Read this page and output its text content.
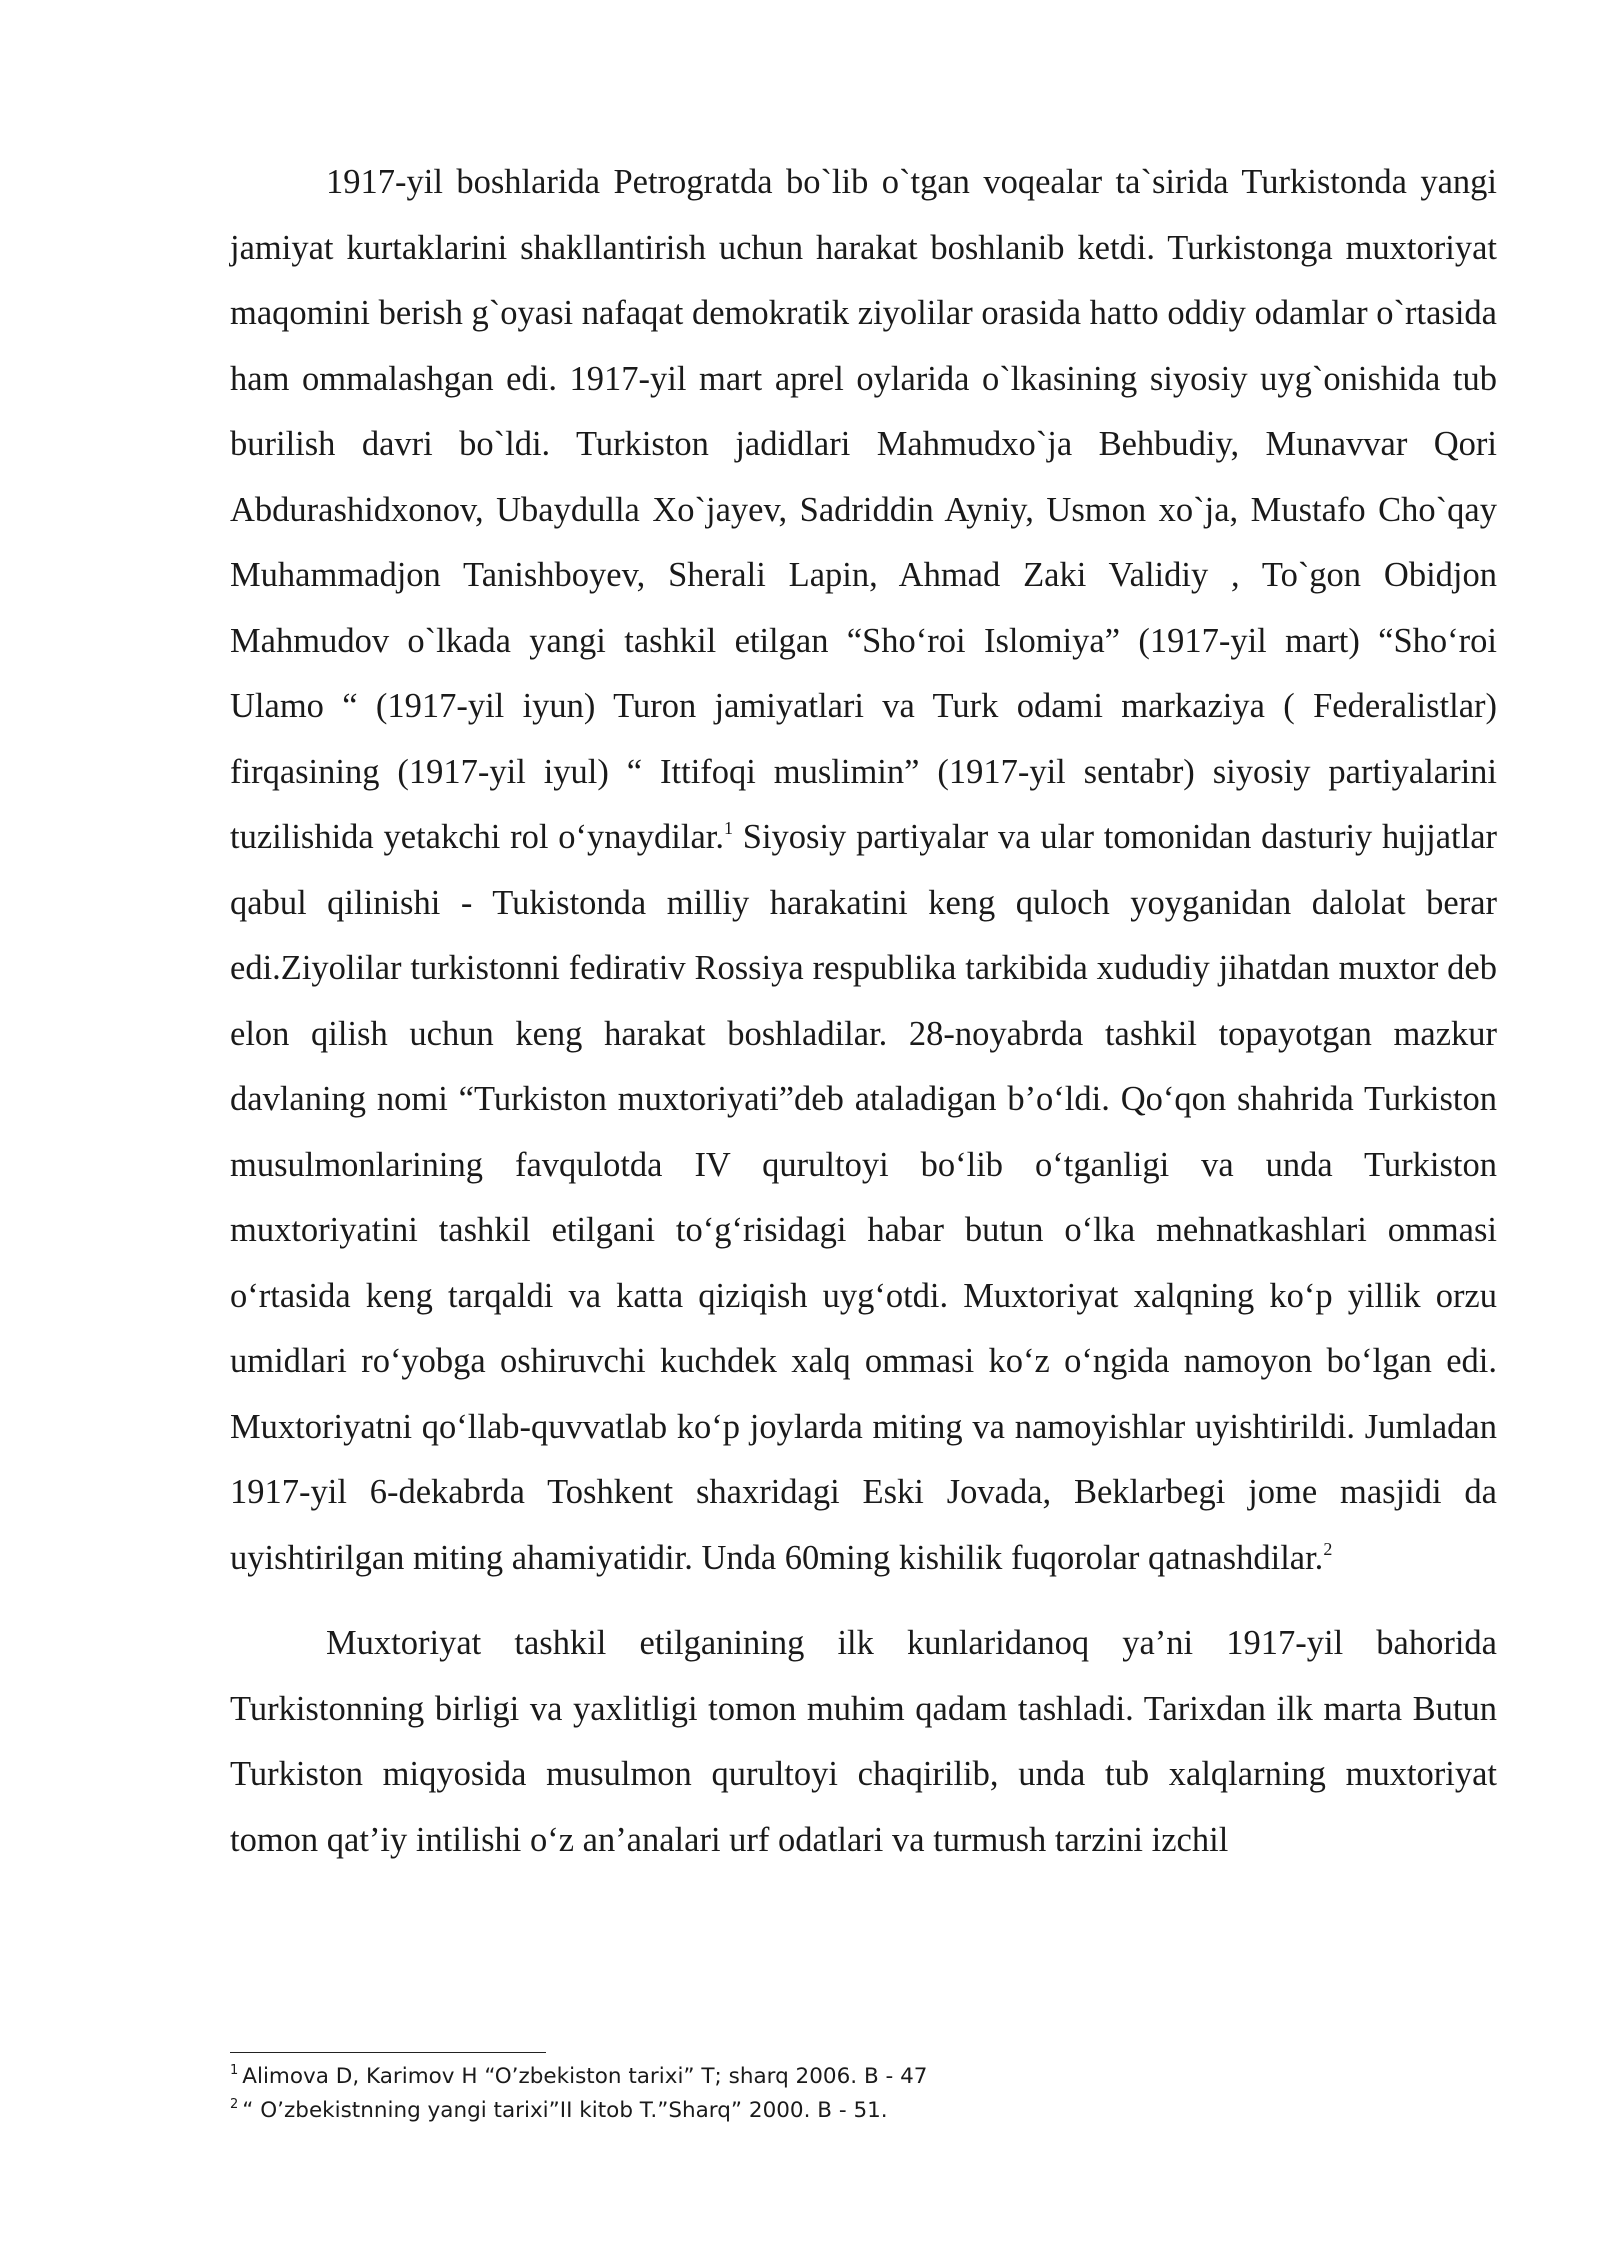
1917-yil boshlarida Petrogratda bo`lib o`tgan voqealar ta`sirida Turkistonda yangi jamiyat kurtaklarini shakllantirish uchun harakat boshlanib ketdi. Turkistonga muxtoriyat maqomini berish g`oyasi nafaqat demokratik ziyolilar orasida hatto oddiy odamlar o`rtasida ham ommalashgan edi. 1917-yil mart aprel oylarida o`lkasining siyosiy uyg`onishida tub burilish davri bo`ldi. Turkiston jadidlari Mahmudxo`ja Behbudiy, Munavvar Qori Abdurashidxonov, Ubaydulla Xo`jayev, Sadriddin Ayniy, Usmon xo`ja, Mustafo Cho`qay Muhammadjon Tanishboyev, Sherali Lapin, Ahmad Zaki Validiy , To`gon Obidjon Mahmudov o`lkada yangi tashkil etilgan “Sho‘roi Islomiya” (1917-yil mart) “Sho‘roi Ulamo “ (1917-yil iyun) Turon jamiyatlari va Turk odami markaziya ( Federalistlar) firqasining (1917-yil iyul) “ Ittifoqi muslimin” (1917-yil sentabr) siyosiy partiyalarini tuzilishida yetakchi rol o‘ynaydilar.$^1$ Siyosiy partiyalar va ular tomonidan dasturiy hujjatlar qabul qilinishi - Tukistonda milliy harakatini keng quloch yoyganidan dalolat berar edi.Ziyolilar turkistonni fedirativ Rossiya respublika tarkibida xududiy jihatdan muxtor deb elon qilish uchun keng harakat boshladilar. 28-noyabrda tashkil topayotgan mazkur davlaning nomi “Turkiston muxtoriyati”deb ataladigan b’o‘ldi. Qo‘qon shahrida Turkiston musulmonlarining favqulotda IV qurultoyi bo‘lib o‘tganligi va unda Turkiston muxtoriyatini tashkil etilgani to‘g‘risidagi habar butun o‘lka mehnatkashlari ommasi o‘rtasida keng tarqaldi va katta qiziqish uyg‘otdi. Muxtoriyat xalqning ko‘p yillik orzu umidlari ro‘yobga oshiruvchi kuchdek xalq ommasi ko‘z o‘ngida namoyon bo‘lgan edi. Muxtoriyatni qo‘llab-quvvatlab ko‘p joylarda miting va namoyishlar uyishtirildi. Jumladan 1917-yil 6-dekabrda Toshkent shaxridagi Eski Jovada, Beklarbegi jome masjidi da uyishtirilgan miting ahamiyatidir. Unda 60ming kishilik fuqorolar qatnashdilar.$^2$

Muxtoriyat tashkil etilganining ilk kunlaridanoq ya’ni 1917-yil bahorida Turkistonning birligi va yaxlitligi tomon muhim qadam tashladi. Tarixdan ilk marta Butun Turkiston miqyosida musulmon qurultoyi chaqirilib, unda tub xalqlarning muxtoriyat tomon qat’iy intilishi o‘z an’analari urf odatlari va turmush tarzini izchil

$^1$ Alimova D, Karimov H “O’zbekiston tarixi” T; sharq 2006. B - 47
$^2$ “ O’zbekistnning yangi tarixi”II kitob T.”Sharq” 2000. B - 51.
